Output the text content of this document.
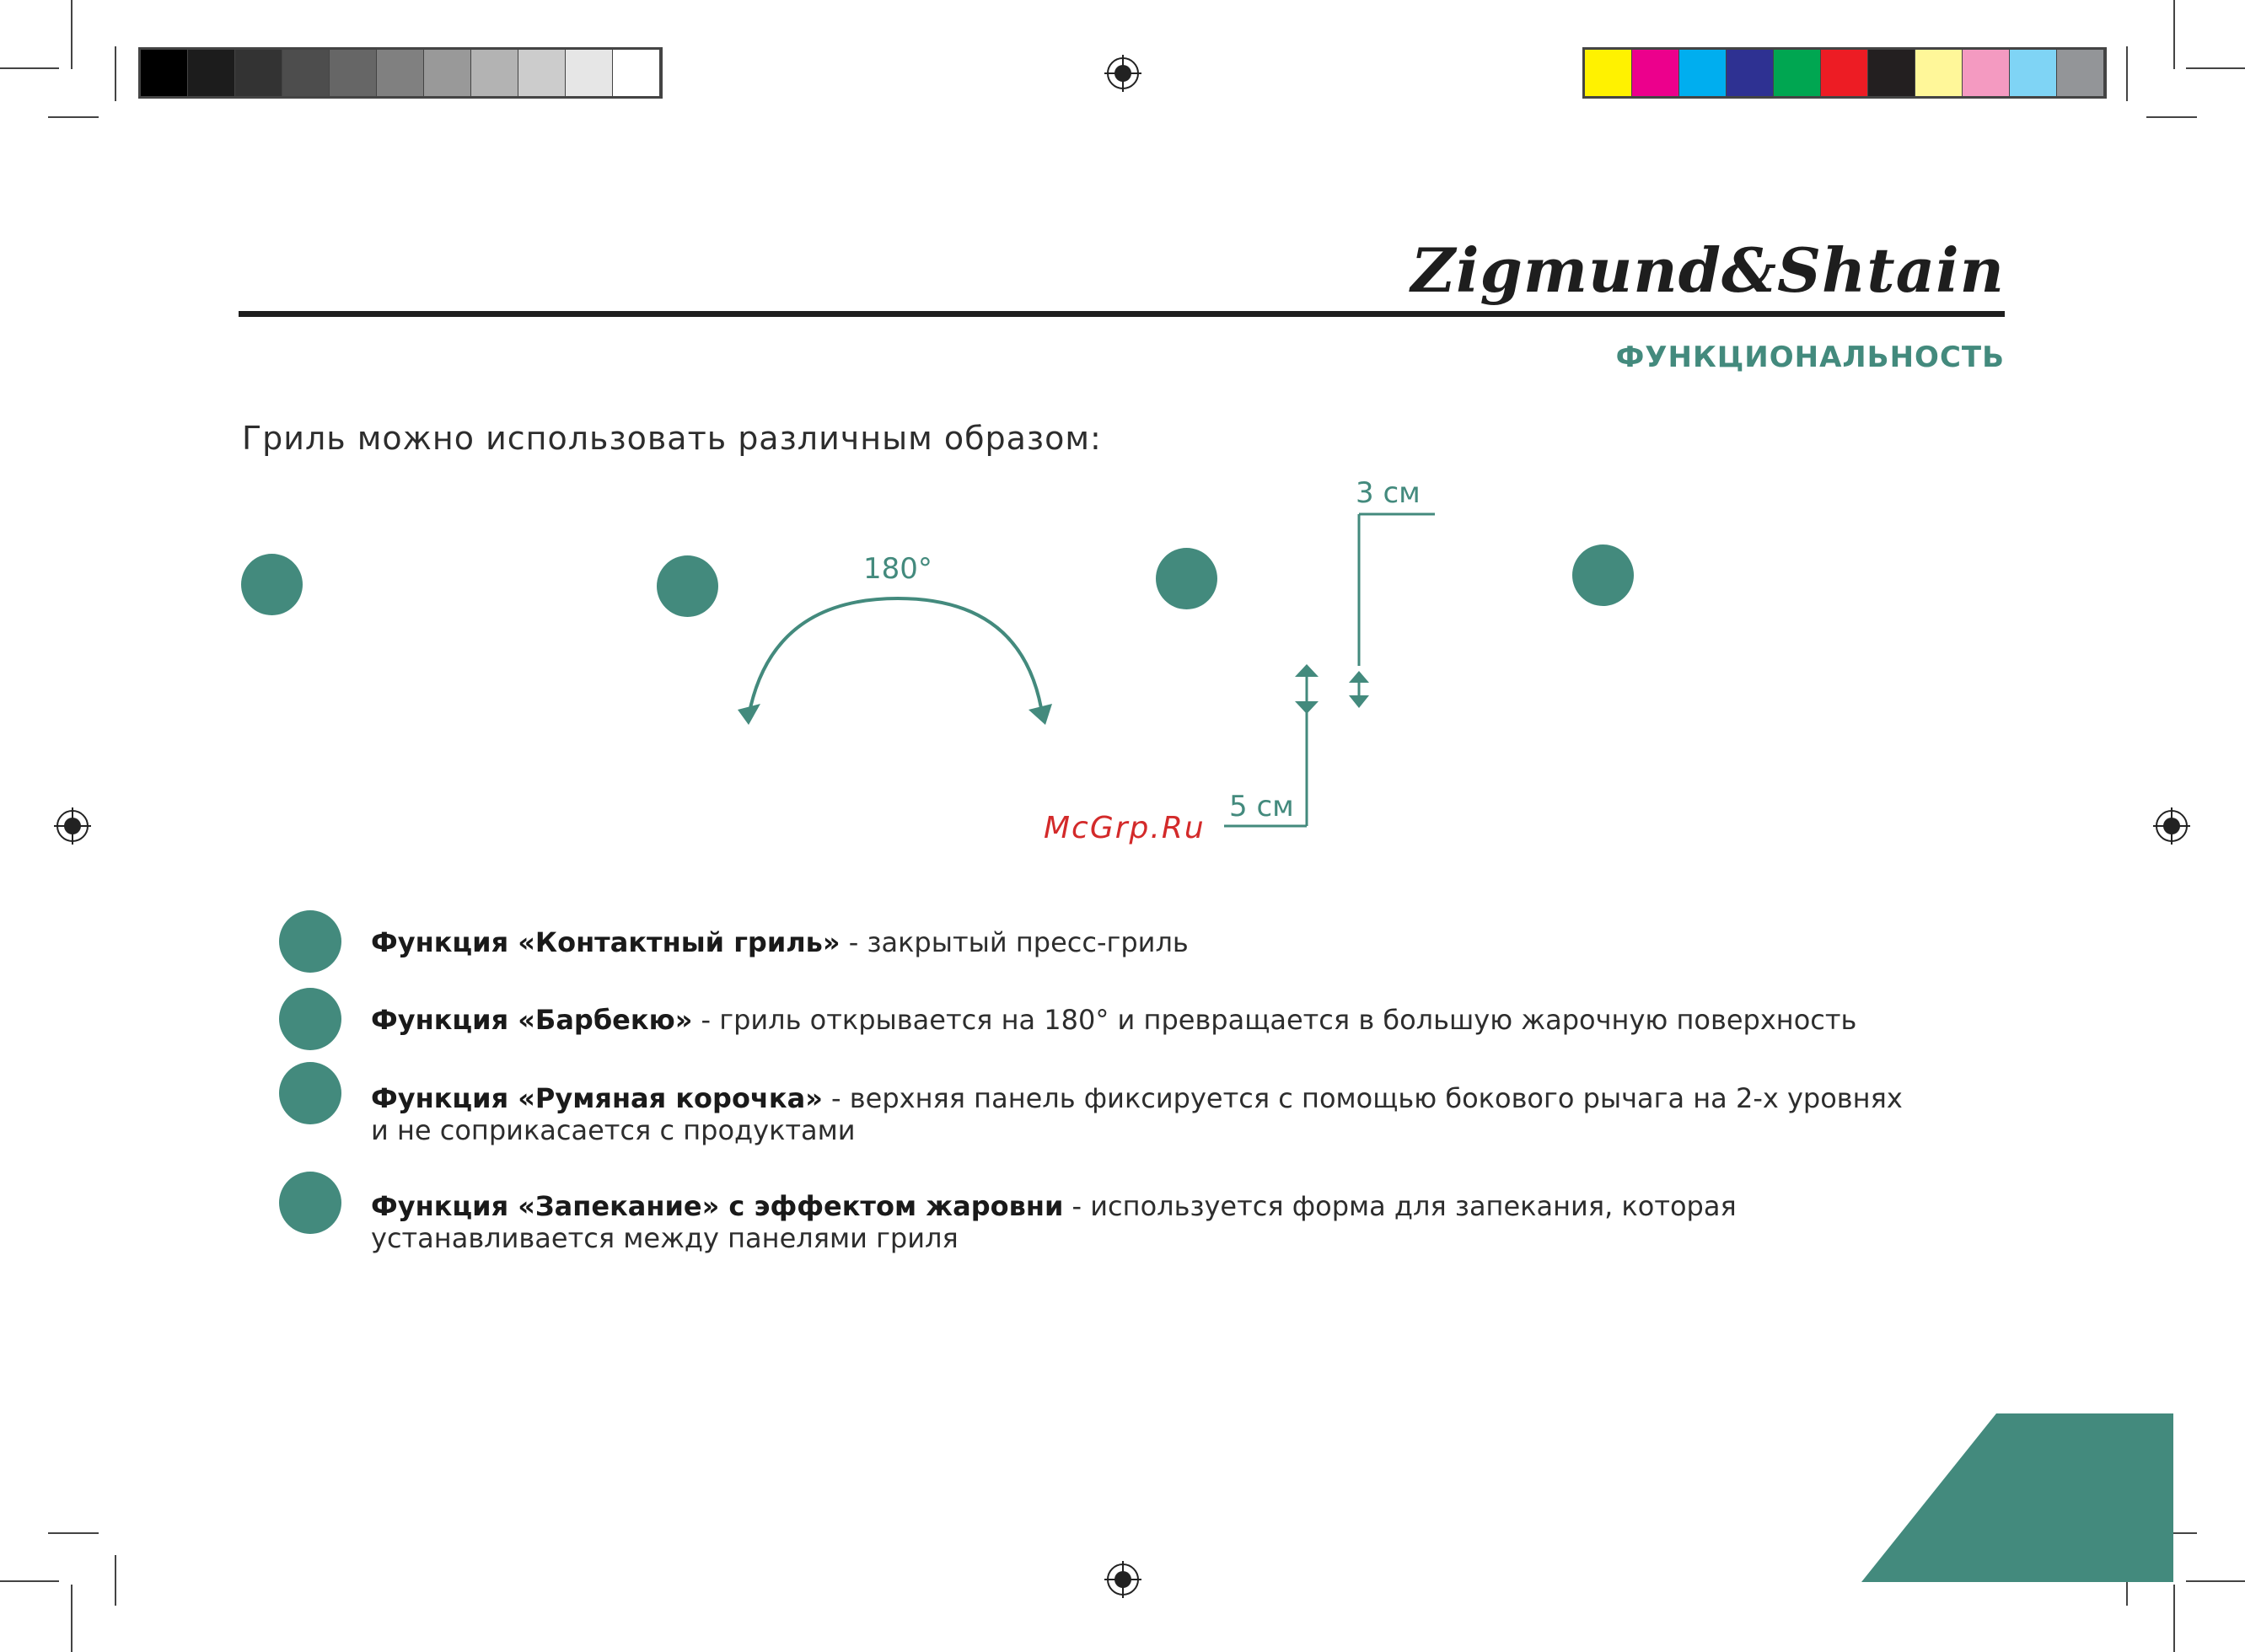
Zigmund&Shtain
ФУНКЦИОНАЛЬНОСТЬ
Гриль можно использовать различным образом:
180°
3 см
5 см
McGrp.Ru
Функция «Контактный гриль» - закрытый пресс-гриль
Функция «Барбекю» - гриль открывается на 180° и превращается в большую жарочную поверхность
Функция «Румяная корочка» - верхняя панель фиксируется с помощью бокового рычага на 2-х уровнях и не соприкасается с продуктами
Функция «Запекание» с эффектом жаровни - используется форма для запекания, которая устанавливается между панелями гриля
